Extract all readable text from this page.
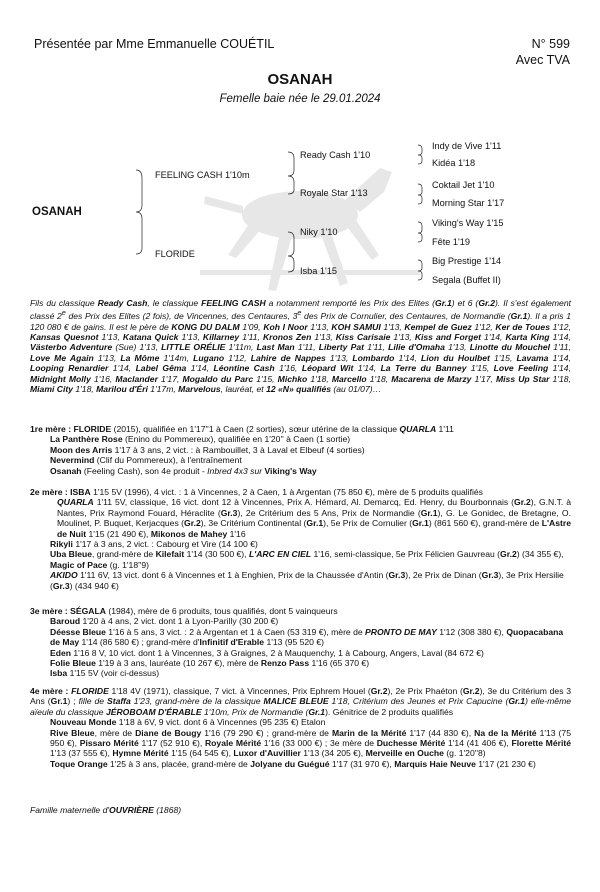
Présentée par Mme Emmanuelle COUÉTIL	N° 599
Avec TVA
OSANAH
Femelle baie née le 29.01.2024
OSANAH
FEELING CASH 1'10m
FLORIDE
Ready Cash 1'10
Royale Star 1'13
Niky 1'10
Isba 1'15
Indy de Vive 1'11
Kidéa 1'18
Coktail Jet 1'10
Morning Star 1'17
Viking's Way 1'15
Fête 1'19
Big Prestige 1'14
Segala (Buffet II)
Fils du classique Ready Cash, le classique FEELING CASH a notamment remporté les Prix des Elites (Gr.1) et 6 (Gr.2). Il s'est également classé 2e des Prix des Elites (2 fois), de Vincennes, des Centaures, 3e des Prix de Cornulier, des Centaures, de Normandie (Gr.1). Il a pris 1 120 080 € de gains. Il est le père de KONG DU DALM 1'09, Koh I Noor 1'13, KOH SAMUI 1'13, Kempel de Guez 1'12, Ker de Toues 1'12, Kansas Quesnot 1'13, Katana Quick 1'13, Killarney 1'11, Kronos Zen 1'13, Kiss Carisaie 1'13, Kiss and Forget 1'14, Karta King 1'14, Västerbo Adventure (Sue) 1'13, LITTLE ORÉLIE 1'11m, Last Man 1'11, Liberty Pat 1'11, Lilie d'Omaha 1'13, Linotte du Mouchel 1'11, Love Me Again 1'13, La Môme 1'14m, Lugano 1'12, Lahire de Nappes 1'13, Lombardo 1'14, Lion du Houlbet 1'15, Lavama 1'14, Looping Renardier 1'14, Label Gêma 1'14, Léontine Cash 1'16, Léopard Wit 1'14, La Terre du Banney 1'15, Love Feeling 1'14, Midnight Molly 1'16, Maclander 1'17, Mogaldo du Parc 1'15, Michko 1'18, Marcello 1'18, Macarena de Marzy 1'17, Miss Up Star 1'18, Miami City 1'18, Marilou d'Éri 1'17m, Marvelous, lauréat, et 12 «N» qualifiés (au 01/07)…
1re mère : FLORIDE (2015), qualifiée en 1'17''1 à Caen (2 sorties), sœur utérine de la classique QUARLA 1'11
La Panthère Rose (Enino du Pommereux), qualifiée en 1'20'' à Caen (1 sortie)
Moon des Arris 1'17 à 3 ans, 2 vict. : à Rambouillet, 3 à Laval et Elbeuf (4 sorties)
Nevermind (Clif du Pommereux), à l'entraînement
Osanah (Feeling Cash), son 4e produit - Inbred 4x3 sur Viking's Way
2e mère : ISBA 1'15 5V (1996), 4 vict. : 1 à Vincennes, 2 à Caen, 1 à Argentan (75 850 €), mère de 5 produits qualifiés
QUARLA 1'11 5V, classique, 16 vict. dont 12 à Vincennes, Prix A. Hémard, Al. Demarcq, Ed. Henry, du Bourbonnais (Gr.2), G.N.T. à Nantes, Prix Raymond Fouard, Héraclite (Gr.3), 2e Critérium des 5 Ans, Prix de Normandie (Gr.1), G. Le Gonidec, de Bretagne, O. Moulinet, P. Buquet, Kerjacques (Gr.2), 3e Critérium Continental (Gr.1), 5e Prix de Cornulier (Gr.1) (861 560 €), grand-mère de L'Astre de Nuit 1'15 (21 490 €), Mikonos de Mahey 1'16
Rikyli 1'17 à 3 ans, 2 vict. : Cabourg et Vire (14 100 €)
Uba Bleue, grand-mère de Kilefait 1'14 (30 500 €), L'ARC EN CIEL 1'16, semi-classique, 5e Prix Félicien Gauvreau (Gr.2) (34 355 €), Magic of Pace (g. 1'18''9)
AKIDO 1'11 6V, 13 vict. dont 6 à Vincennes et 1 à Enghien, Prix de la Chaussée d'Antin (Gr.3), 2e Prix de Dinan (Gr.3), 3e Prix Hersilie (Gr.3) (434 940 €)
3e mère : SÉGALA (1984), mère de 6 produits, tous qualifiés, dont 5 vainqueurs
Baroud 1'20 à 4 ans, 2 vict. dont 1 à Lyon-Parilly (30 200 €)
Déesse Bleue 1'16 à 5 ans, 3 vict. : 2 à Argentan et 1 à Caen (53 319 €), mère de PRONTO DE MAY 1'12 (308 380 €), Quopacabana de May 1'14 (86 580 €) ; grand-mère d'Infinitif d'Erable 1'13 (95 520 €)
Eden 1'16 8 V, 10 vict. dont 1 à Vincennes, 3 à Graignes, 2 à Mauquenchy, 1 à Cabourg, Angers, Laval (84 672 €)
Folie Bleue 1'19 à 3 ans, lauréate (10 267 €), mère de Renzo Pass 1'16 (65 370 €)
Isba 1'15 5V (voir ci-dessus)
4e mère : FLORIDE 1'18 4V (1971), classique, 7 vict. à Vincennes, Prix Ephrem Houel (Gr.2), 2e Prix Phaéton (Gr.2), 3e du Critérium des 3 Ans (Gr.1) ; fille de Staffa 1'23, grand-mère de la classique MALICE BLEUE 1'18, Critérium des Jeunes et Prix Capucine (Gr.1) elle-même aïeule du classique JÉROBOAM D'ÉRABLE 1'10m, Prix de Normandie (Gr.1). Génitrice de 2 produits qualifiés
Nouveau Monde 1'18 à 6V, 9 vict. dont 6 à Vincennes (95 235 €) Etalon
Rive Bleue, mère de Diane de Bougy 1'16 (79 290 €) ; grand-mère de Marin de la Mérité 1'17 (44 830 €), Na de la Mérité 1'13 (75 950 €), Pissaro Mérité 1'17 (52 910 €), Royale Mérité 1'16 (33 000 €) ; 3e mère de Duchesse Mérité 1'14 (41 406 €), Florette Mérité 1'13 (37 555 €), Hymne Mérité 1'15 (64 545 €), Luxor d'Auvillier 1'13 (34 205 €), Merveille en Ouche (g. 1'20''8)
Toque Orange 1'25 à 3 ans, placée, grand-mère de Jolyane du Guégué 1'17 (31 970 €), Marquis Haie Neuve 1'17 (21 230 €)
Famille maternelle d'OUVRIÈRE (1868)
